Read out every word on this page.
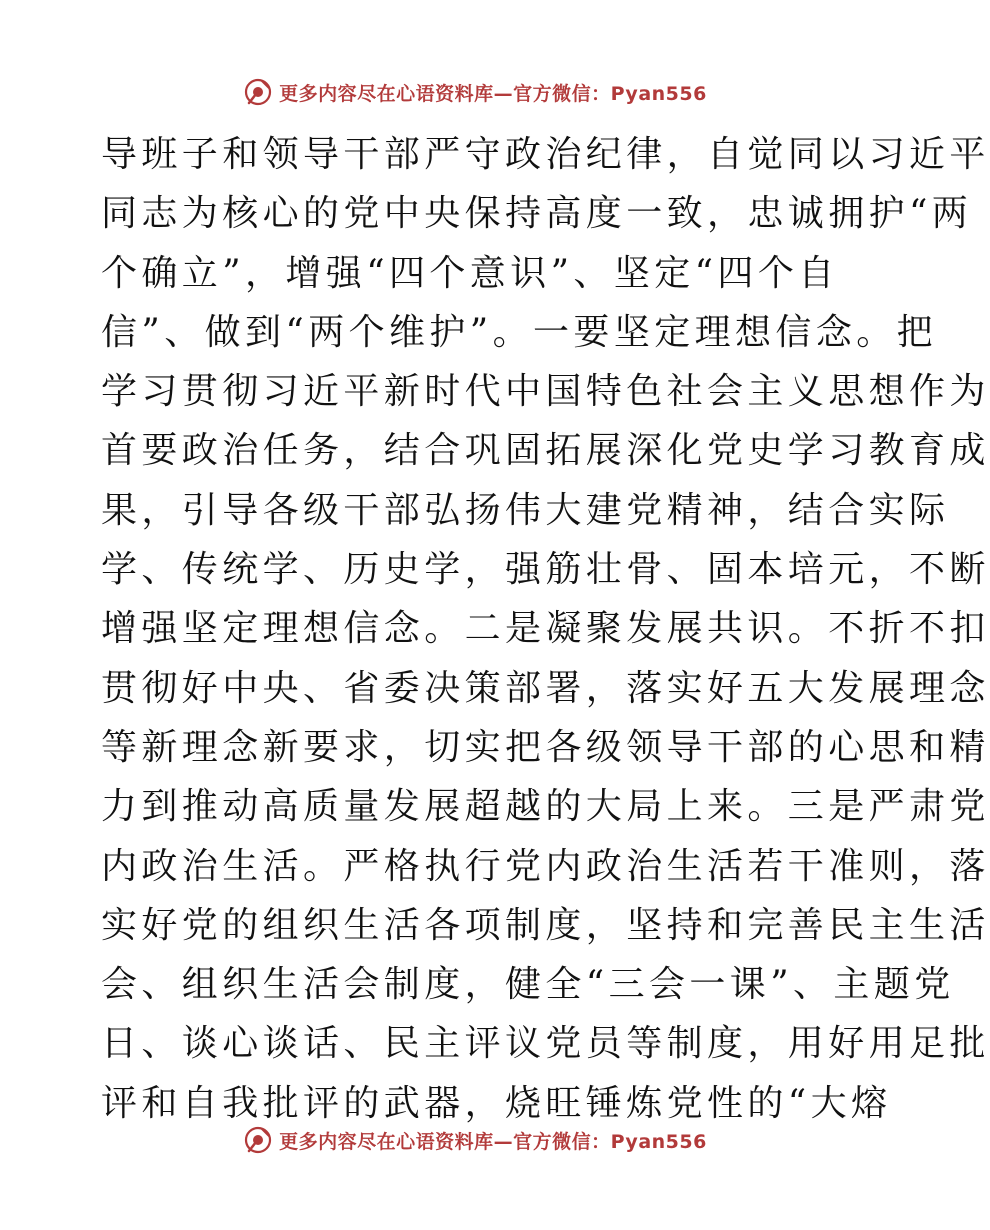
更多内容尽在心语资料库—官方微信：Pyan556
导班子和领导干部严守政治纪律，自觉同以习近平
同志为核心的党中央保持高度一致，忠诚拥护“两
个确立”，增强“四个意识”、坚定“四个自
信”、做到“两个维护”。一要坚定理想信念。把
学习贯彻习近平新时代中国特色社会主义思想作为
首要政治任务，结合巩固拓展深化党史学习教育成
果，引导各级干部弘扬伟大建党精神，结合实际
学、传统学、历史学，强筋壮骨、固本培元，不断
增强坚定理想信念。二是凝聚发展共识。不折不扣
贯彻好中央、省委决策部署，落实好五大发展理念
等新理念新要求，切实把各级领导干部的心思和精
力到推动高质量发展超越的大局上来。三是严肃党
内政治生活。严格执行党内政治生活若干准则，落
实好党的组织生活各项制度，坚持和完善民主生活
会、组织生活会制度，健全“三会一课”、主题党
日、谈心谈话、民主评议党员等制度，用好用足批
评和自我批评的武器，烧旺锤炼党性的“大熔
更多内容尽在心语资料库—官方微信：Pyan556
